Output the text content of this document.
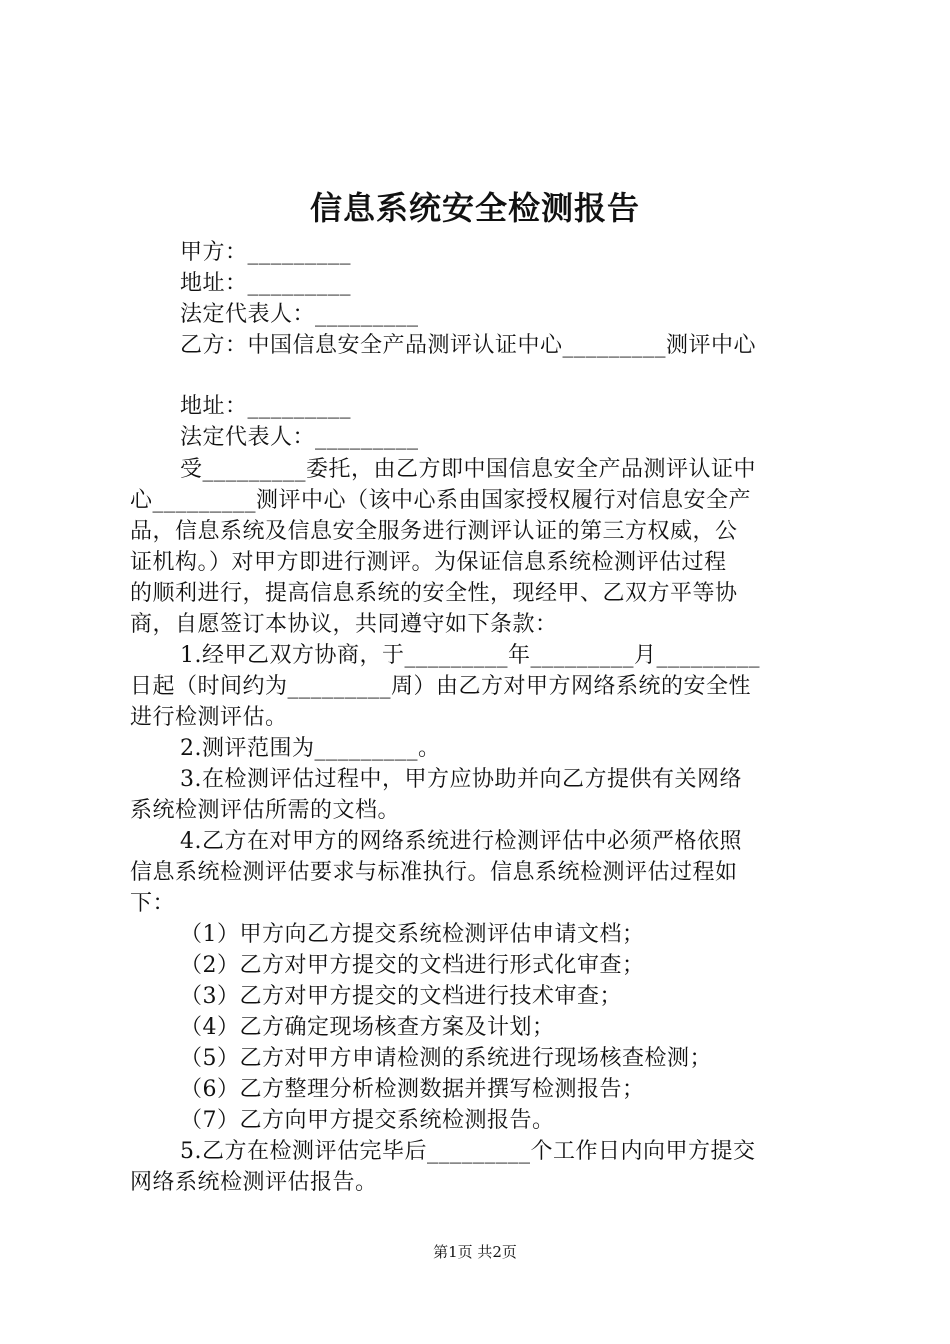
信息系统安全检测报告
甲方：_________
地址：_________
法定代表人：_________
乙方：中国信息安全产品测评认证中心_________测评中心
地址：_________
法定代表人：_________
受_________委托，由乙方即中国信息安全产品测评认证中
心_________测评中心（该中心系由国家授权履行对信息安全产
品，信息系统及信息安全服务进行测评认证的第三方权威，公
证机构。）对甲方即进行测评。为保证信息系统检测评估过程
的顺利进行，提高信息系统的安全性，现经甲、乙双方平等协
商，自愿签订本协议，共同遵守如下条款：
1.经甲乙双方协商，于_________年_________月_________
日起（时间约为_________周）由乙方对甲方网络系统的安全性
进行检测评估。
2.测评范围为_________。
3.在检测评估过程中，甲方应协助并向乙方提供有关网络
系统检测评估所需的文档。
4.乙方在对甲方的网络系统进行检测评估中必须严格依照
信息系统检测评估要求与标准执行。信息系统检测评估过程如
下：
（1）甲方向乙方提交系统检测评估申请文档；
（2）乙方对甲方提交的文档进行形式化审查；
（3）乙方对甲方提交的文档进行技术审查；
（4）乙方确定现场核查方案及计划；
（5）乙方对甲方申请检测的系统进行现场核查检测；
（6）乙方整理分析检测数据并撰写检测报告；
（7）乙方向甲方提交系统检测报告。
5.乙方在检测评估完毕后_________个工作日内向甲方提交
网络系统检测评估报告。
第1页 共2页
